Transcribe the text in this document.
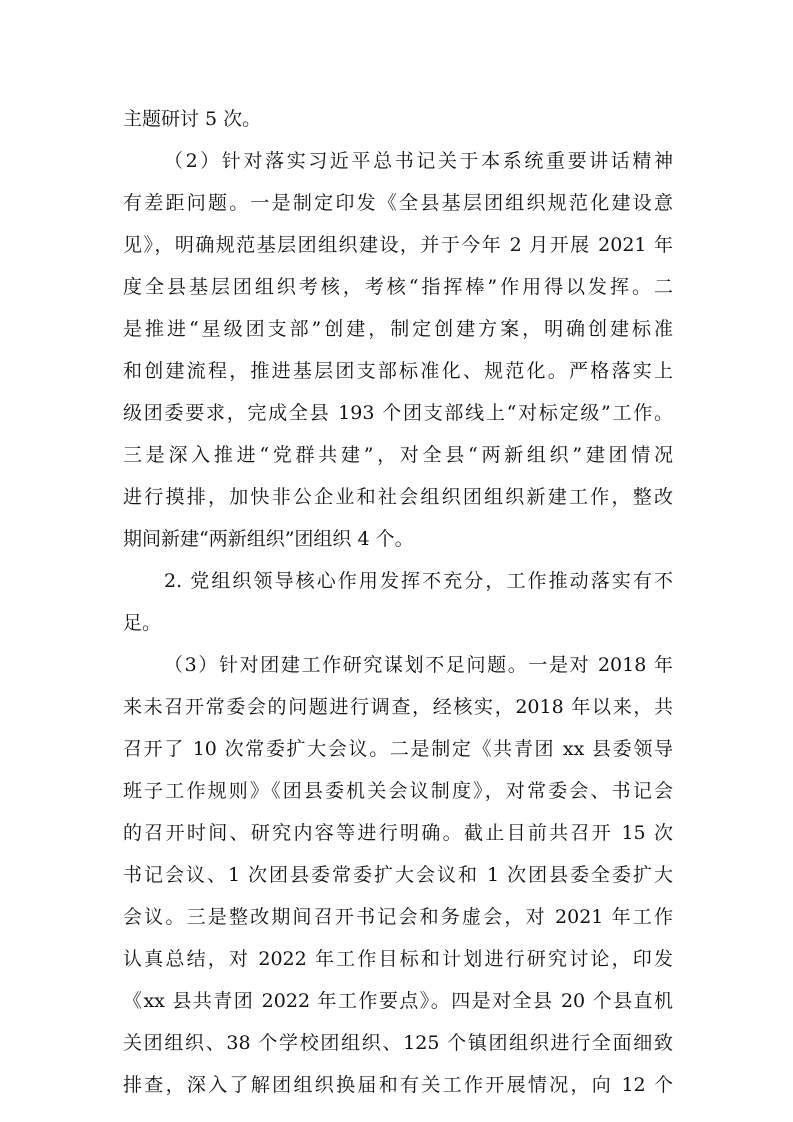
主题研讨 5 次。
（2）针对落实习近平总书记关于本系统重要讲话精神
有差距问题。一是制定印发《全县基层团组织规范化建设意
见》，明确规范基层团组织建设，并于今年 2 月开展 2021 年
度全县基层团组织考核，考核“指挥棒”作用得以发挥。二
是推进“星级团支部”创建，制定创建方案，明确创建标准
和创建流程，推进基层团支部标准化、规范化。严格落实上
级团委要求，完成全县 193 个团支部线上“对标定级”工作。
三是深入推进“党群共建”，对全县“两新组织”建团情况
进行摸排，加快非公企业和社会组织团组织新建工作，整改
期间新建“两新组织”团组织 4 个。
2. 党组织领导核心作用发挥不充分，工作推动落实有不
足。
（3）针对团建工作研究谋划不足问题。一是对 2018 年
来未召开常委会的问题进行调查，经核实，2018 年以来，共
召开了 10 次常委扩大会议。二是制定《共青团 xx 县委领导
班子工作规则》《团县委机关会议制度》，对常委会、书记会
的召开时间、研究内容等进行明确。截止目前共召开 15 次
书记会议、1 次团县委常委扩大会议和 1 次团县委全委扩大
会议。三是整改期间召开书记会和务虚会，对 2021 年工作
认真总结，对 2022 年工作目标和计划进行研究讨论，印发
《xx 县共青团 2022 年工作要点》。四是对全县 20 个县直机
关团组织、38 个学校团组织、125 个镇团组织进行全面细致
排查，深入了解团组织换届和有关工作开展情况，向 12 个
